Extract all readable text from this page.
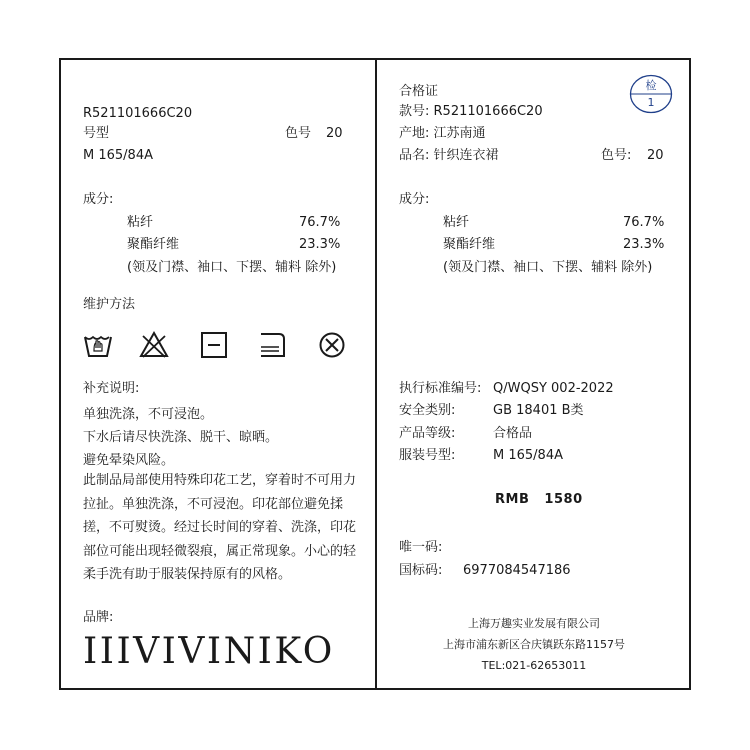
R521101666C20
号型	色号 20
M 165/84A
成分:
粘纤	76.7%
聚酯纤维	23.3%
(领及门襟、袖口、下摆、辅料 除外)
维护方法
补充说明:
单独洗涤，不可浸泡。
下水后请尽快洗涤、脱干、晾晒。
避免晕染风险。
此制品局部使用特殊印花工艺，穿着时不可用力拉扯。单独洗涤，不可浸泡。印花部位避免揉搓，不可熨烫。经过长时间的穿着、洗涤，印花部位可能出现轻微裂痕，属正常现象。小心的轻柔手洗有助于服装保持原有的风格。
品牌:
IIIVIVINIKO
合格证	检
1
款号: R521101666C20
产地: 江苏南通
品名: 针织连衣裙	色号: 20
成分:
粘纤	76.7%
聚酯纤维	23.3%
(领及门襟、袖口、下摆、辅料 除外)
执行标准编号: Q/WQSY 002-2022
安全类别:	GB 18401 B类
产品等级:	合格品
服装号型:	M 165/84A
RMB   1580
唯一码:
国标码: 6977084547186
上海万趣实业发展有限公司
上海市浦东新区合庆镇跃东路1157号
TEL:021-62653011
